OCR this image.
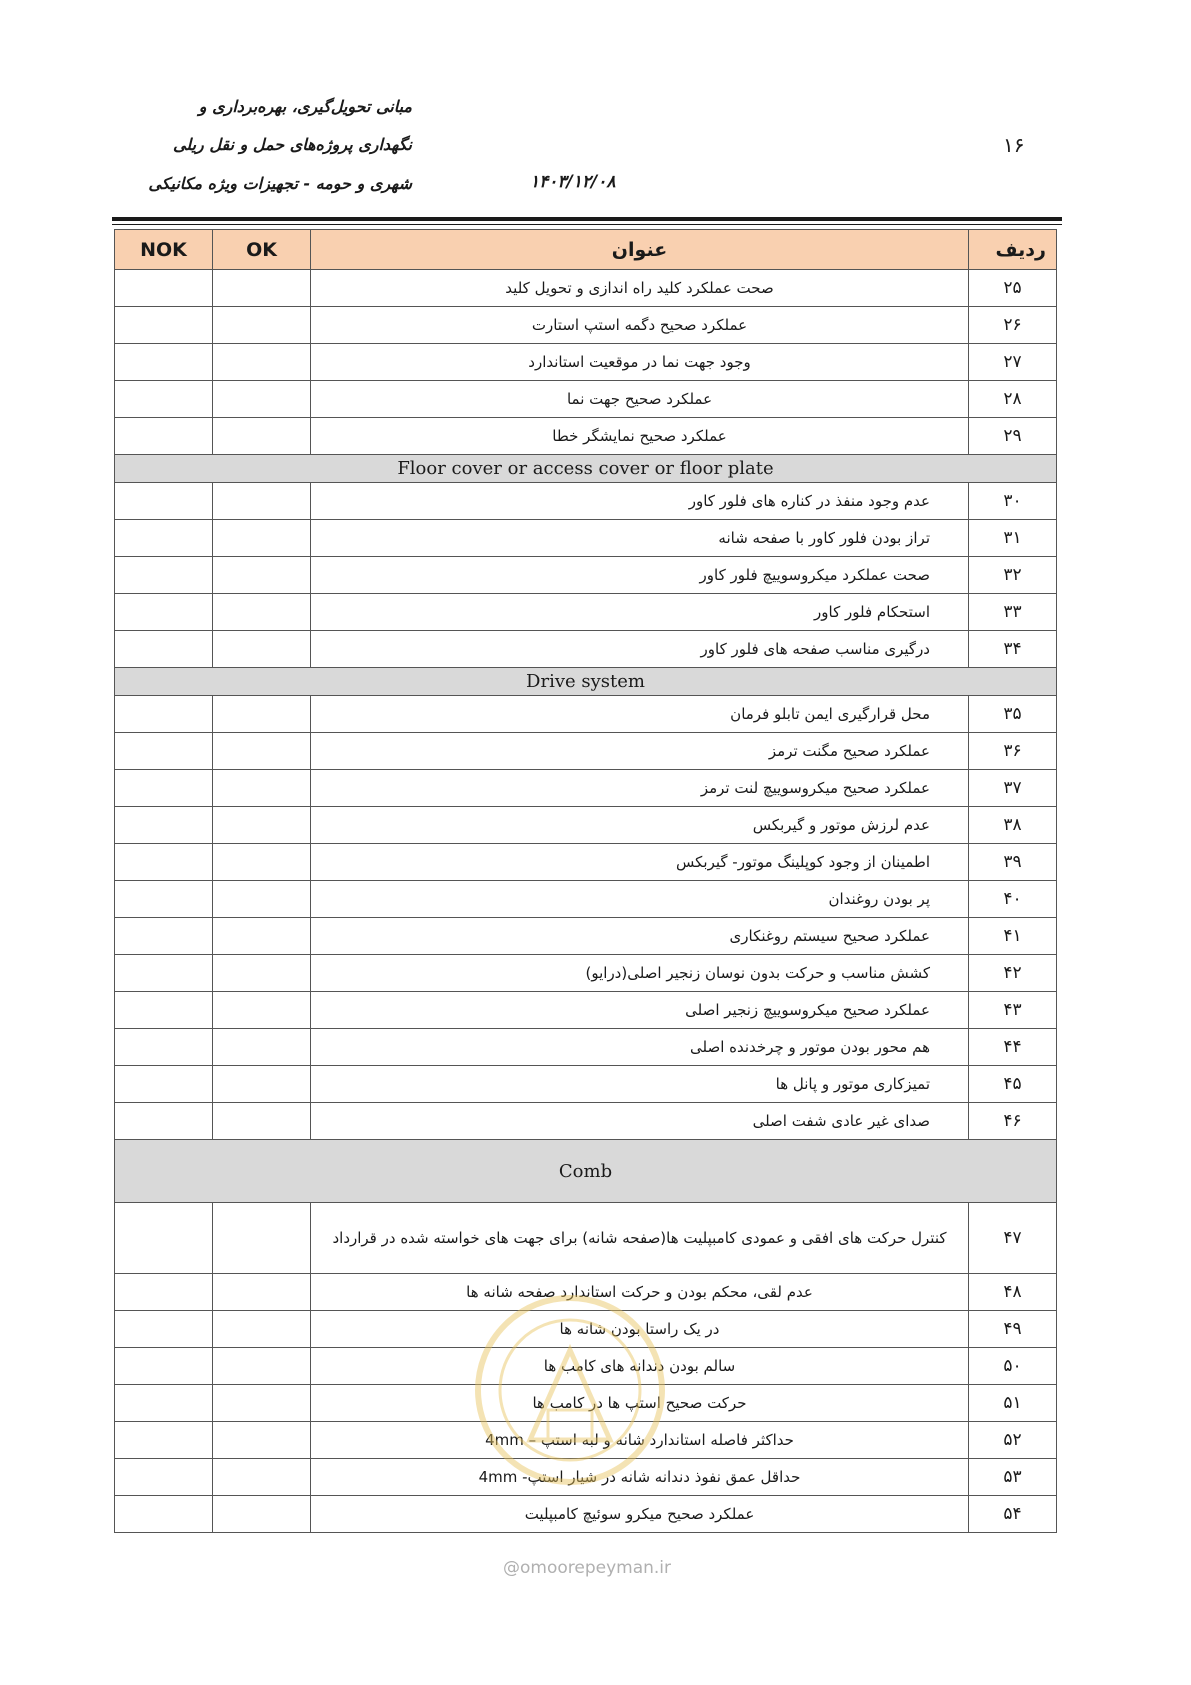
مبانی تحویل‌گیری، بهره‌برداری و
نگهداری پروژه‌های حمل و نقل ریلی
شهری و حومه - تجهیزات ویژه مکانیکی	۱۴۰۳/۱۲/۰۸
۱۶
NOK	OK	عنوان	ردیف
		صحت عملکرد کلید راه اندازی و تحویل کلید	۲۵
		عملکرد صحیح دگمه استپ استارت	۲۶
		وجود جهت نما در موقعیت استاندارد	۲۷
		عملکرد صحیح جهت نما	۲۸
		عملکرد صحیح نمایشگر خطا	۲۹
Floor cover or access cover or floor plate			
		عدم وجود منفذ در کناره های فلور کاور	۳۰
		تراز بودن فلور کاور با صفحه شانه	۳۱
		صحت عملکرد میکروسوییچ فلور کاور	۳۲
		استحکام فلور کاور	۳۳
		درگیری مناسب صفحه های فلور کاور	۳۴
Drive system			
		محل قرارگیری ایمن تابلو فرمان	۳۵
		عملکرد صحیح مگنت ترمز	۳۶
		عملکرد صحیح میکروسوییچ لنت ترمز	۳۷
		عدم لرزش موتور و گیربکس	۳۸
		اطمینان از وجود کوپلینگ موتور- گیربکس	۳۹
		پر بودن روغندان	۴۰
		عملکرد صحیح سیستم روغنکاری	۴۱
		کشش مناسب و حرکت بدون نوسان زنجیر اصلی(درایو)	۴۲
		عملکرد صحیح میکروسوییچ زنجیر اصلی	۴۳
		هم محور بودن موتور و چرخدنده اصلی	۴۴
		تمیزکاری موتور و پانل ها	۴۵
		صدای غیر عادی شفت اصلی	۴۶
Comb			
		کنترل حرکت های افقی و عمودی کامبپلیت ها(صفحه شانه) برای جهت های خواسته شده در قرارداد	۴۷
		عدم لقی، محکم بودن و حرکت استاندارد صفحه شانه ها	۴۸
		در یک راستا بودن شانه ها	۴۹
		سالم بودن دندانه های کامب ها	۵۰
		حرکت صحیح استپ ها در کامب ها	۵۱
		حداکثر فاصله استاندارد شانه و لبه استپ – 4mm	۵۲
		حداقل عمق نفوذ دندانه شانه در شیار استپ- 4mm	۵۳
		عملکرد صحیح میکرو سوئیچ کامبپلیت	۵۴
@omoorepeyman.ir
